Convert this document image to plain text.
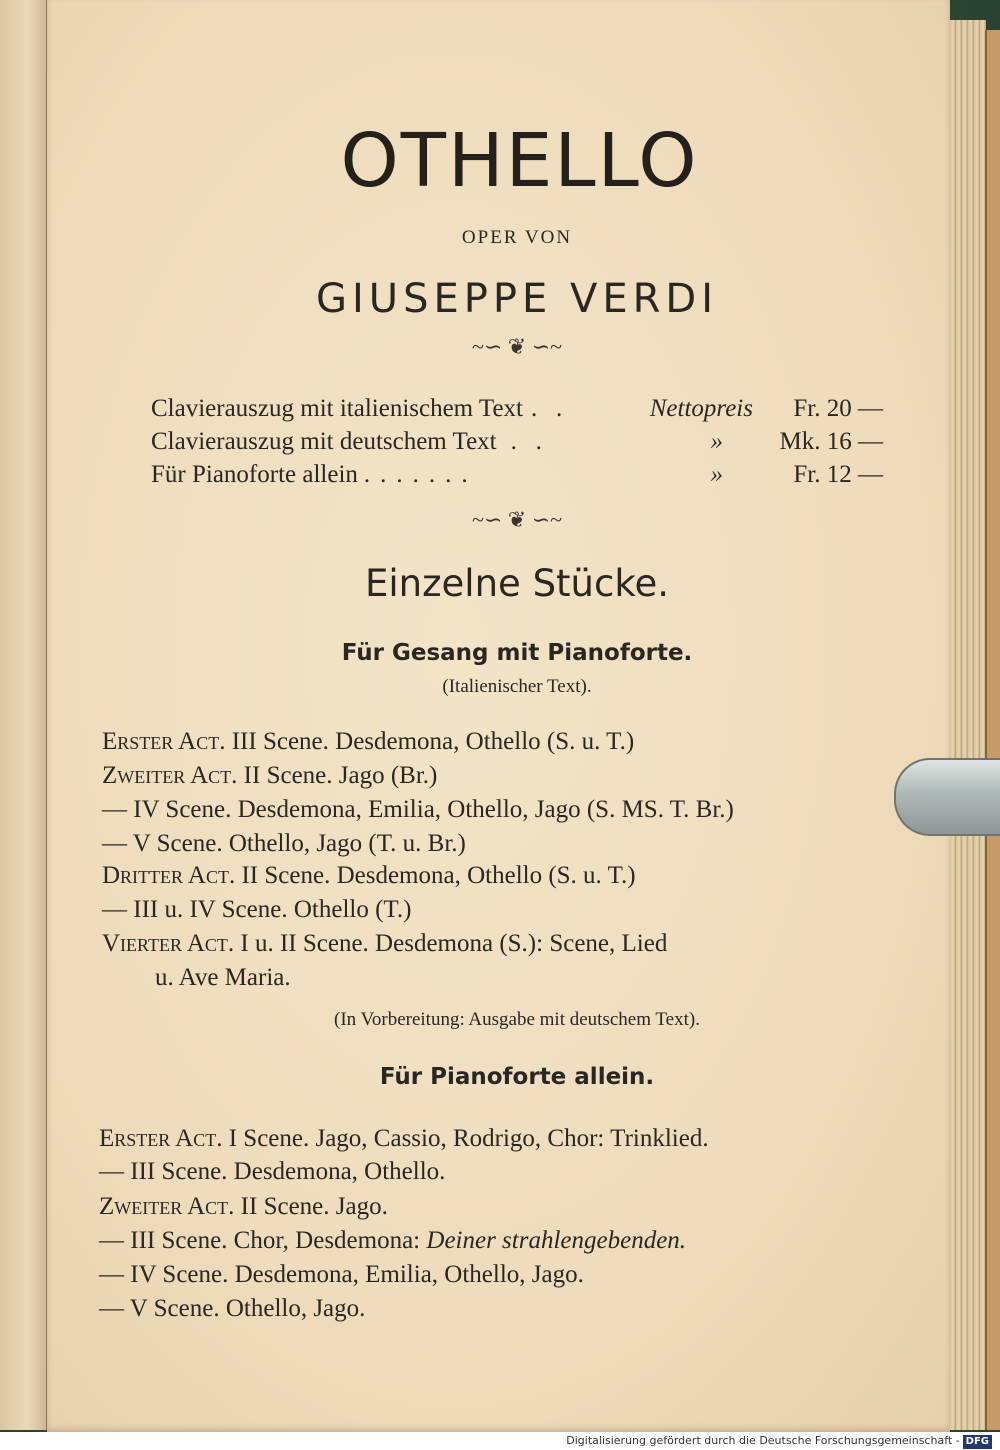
OTHELLO
OPER VON
GIUSEPPE VERDI
~∽ ❦ ∽~
Clavierauszug mit italienischem Text .   .	Nettopreis Fr. 20 —
Clavierauszug mit deutschem Text .   .	» Mk. 16 —
Für Pianoforte allein .......	»	Fr. 12 —
~∽ ❦ ∽~
Einzelne Stücke.
Für Gesang mit Pianoforte.
(Italienischer Text).
Erster Act. III Scene. Desdemona, Othello (S. u. T.)
Zweiter Act. II Scene. Jago (Br.)
— IV Scene. Desdemona, Emilia, Othello, Jago (S. MS. T. Br.)
— V Scene. Othello, Jago (T. u. Br.)
Dritter Act. II Scene. Desdemona, Othello (S. u. T.)
— III u. IV Scene. Othello (T.)
Vierter Act. I u. II Scene. Desdemona (S.): Scene, Lied
u. Ave Maria.
(In Vorbereitung: Ausgabe mit deutschem Text).
Für Pianoforte allein.
Erster Act. I Scene. Jago, Cassio, Rodrigo, Chor: Trinklied.
— III Scene. Desdemona, Othello.
Zweiter Act. II Scene. Jago.
— III Scene. Chor, Desdemona: Deiner strahlengebenden.
— IV Scene. Desdemona, Emilia, Othello, Jago.
— V Scene. Othello, Jago.
Digitalisierung gefördert durch die Deutsche Forschungsgemeinschaft - DFG
